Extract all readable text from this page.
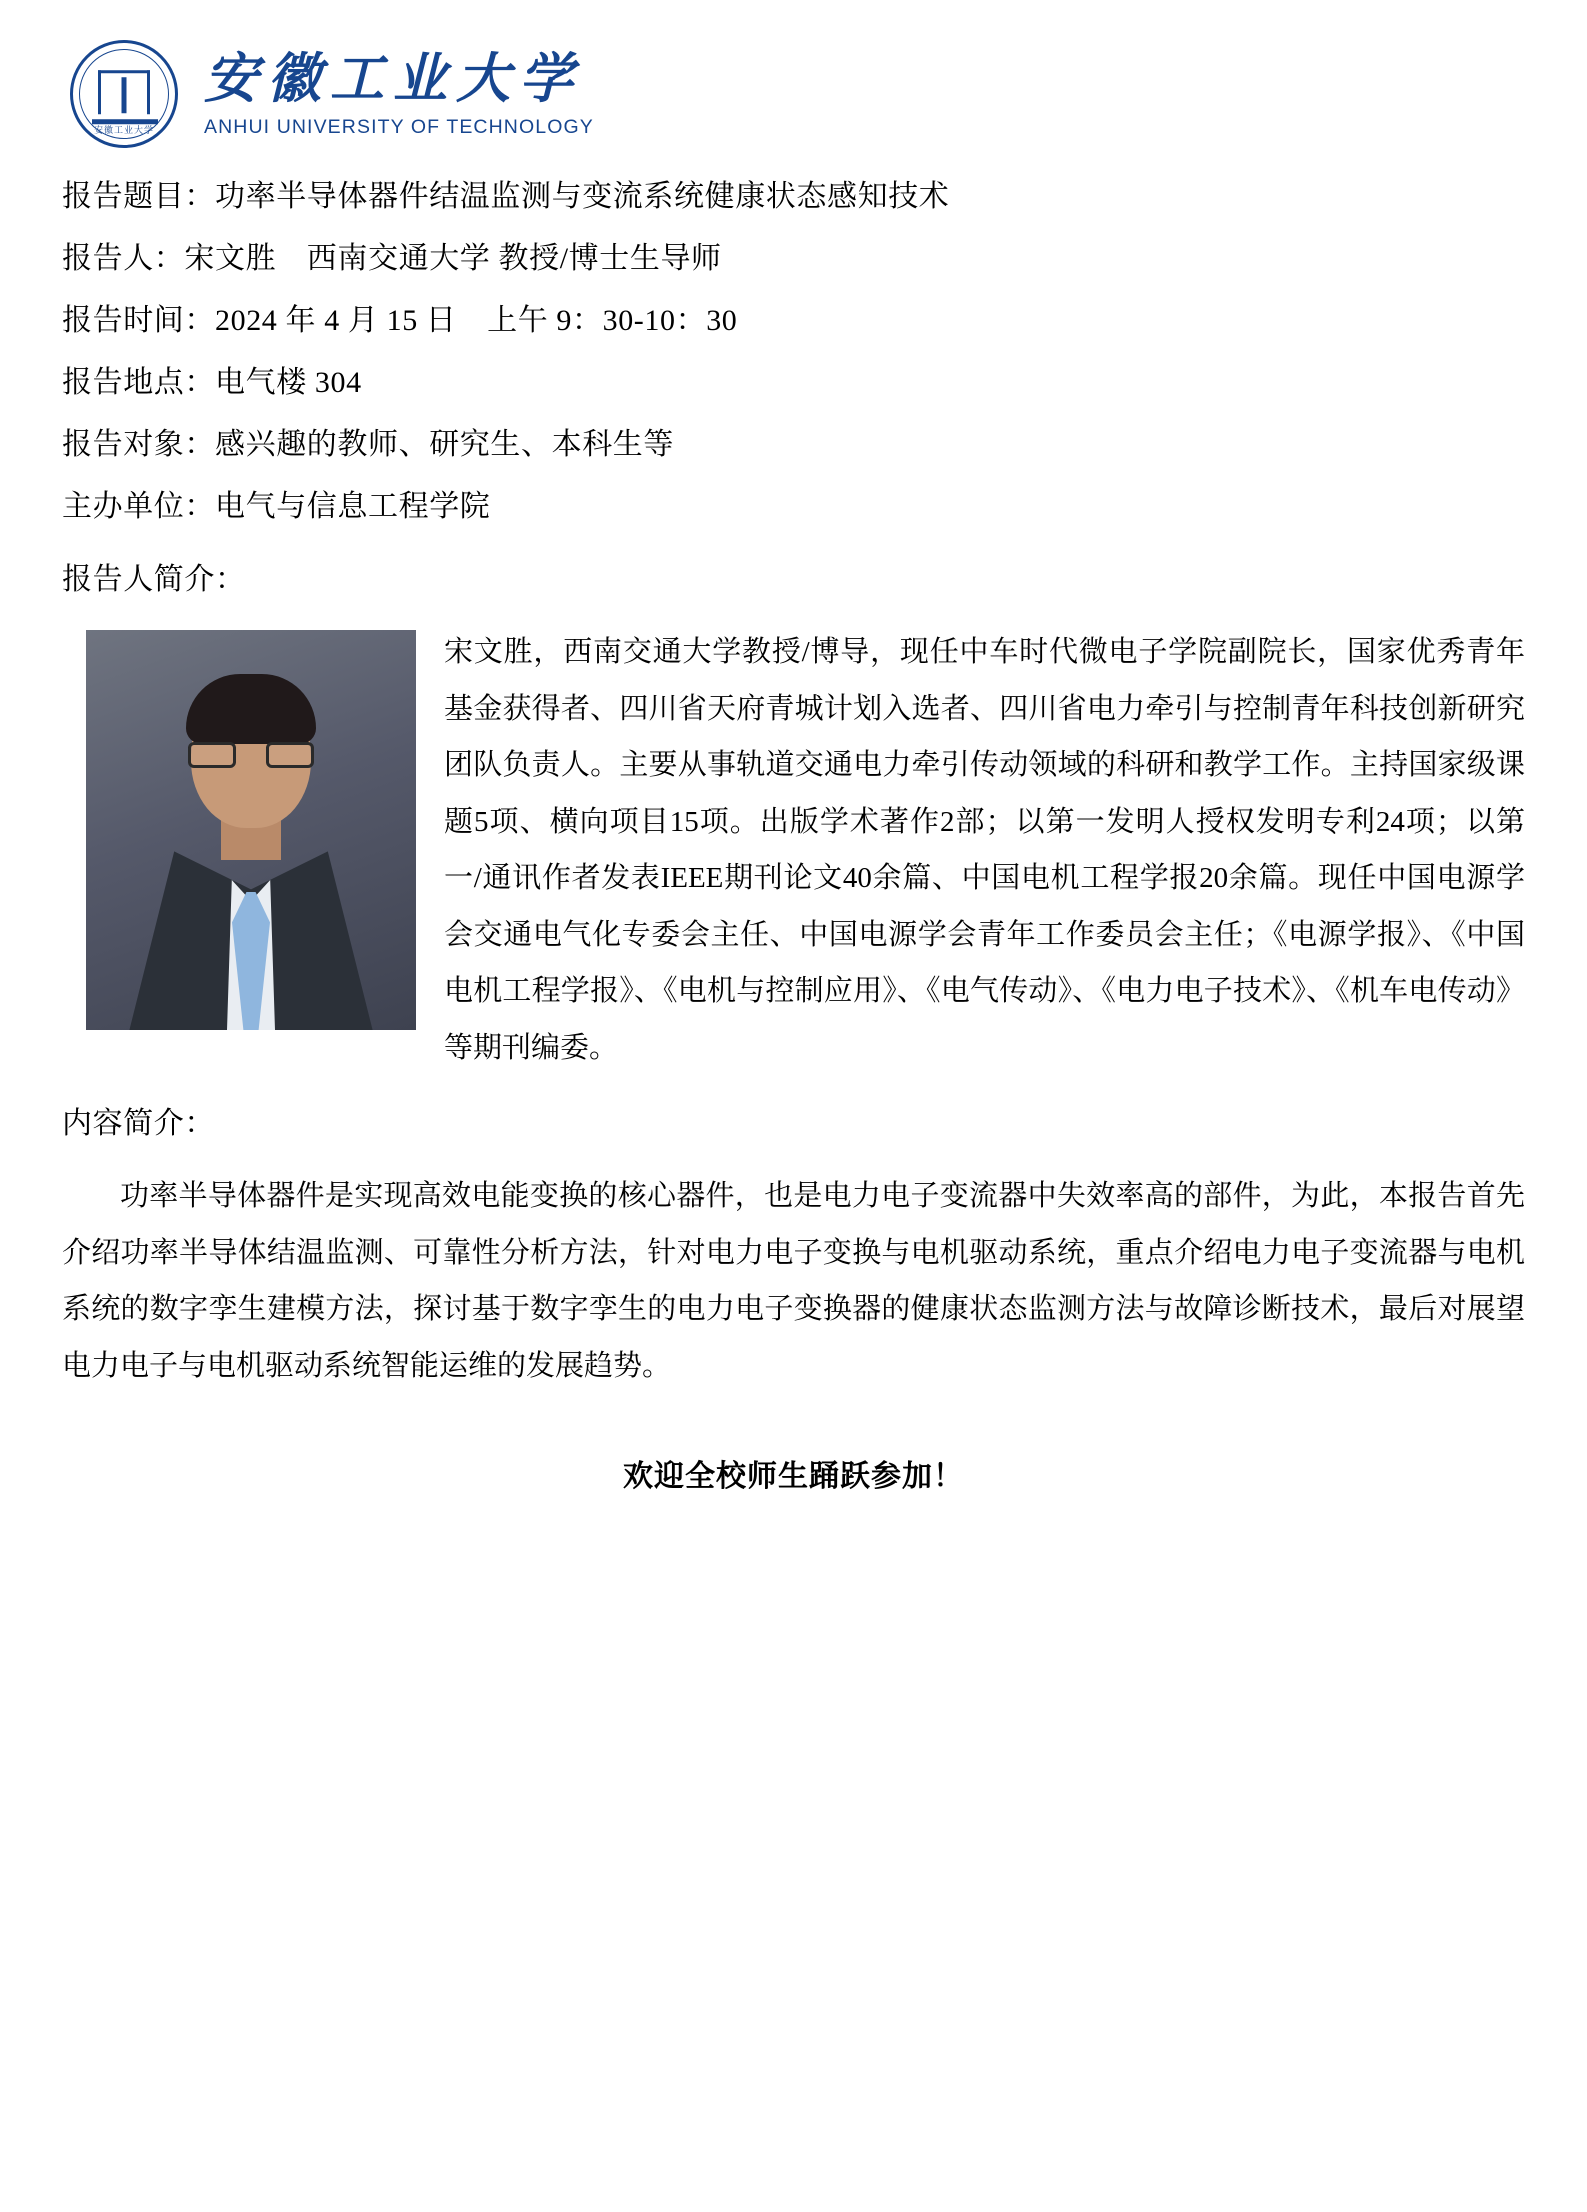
安徽工业大学
安徽工业大学
ANHUI UNIVERSITY OF TECHNOLOGY

报告题目：功率半导体器件结温监测与变流系统健康状态感知技术

报告人：宋文胜　西南交通大学 教授/博士生导师

报告时间：2024 年 4 月 15 日　上午 9：30-10：30

报告地点：电气楼 304

报告对象：感兴趣的教师、研究生、本科生等

主办单位：电气与信息工程学院

报告人简介：

宋文胜，西南交通大学教授/博导，现任中车时代微电子学院副院长，国家优秀青年基金获得者、四川省天府青城计划入选者、四川省电力牵引与控制青年科技创新研究团队负责人。主要从事轨道交通电力牵引传动领域的科研和教学工作。主持国家级课题5项、横向项目15项。出版学术著作2部；以第一发明人授权发明专利24项；以第一/通讯作者发表IEEE期刊论文40余篇、中国电机工程学报20余篇。现任中国电源学会交通电气化专委会主任、中国电源学会青年工作委员会主任；《电源学报》、《中国电机工程学报》、《电机与控制应用》、《电气传动》、《电力电子技术》、《机车电传动》等期刊编委。

内容简介：

功率半导体器件是实现高效电能变换的核心器件，也是电力电子变流器中失效率高的部件，为此，本报告首先介绍功率半导体结温监测、可靠性分析方法，针对电力电子变换与电机驱动系统，重点介绍电力电子变流器与电机系统的数字孪生建模方法，探讨基于数字孪生的电力电子变换器的健康状态监测方法与故障诊断技术，最后对展望电力电子与电机驱动系统智能运维的发展趋势。

欢迎全校师生踊跃参加！
